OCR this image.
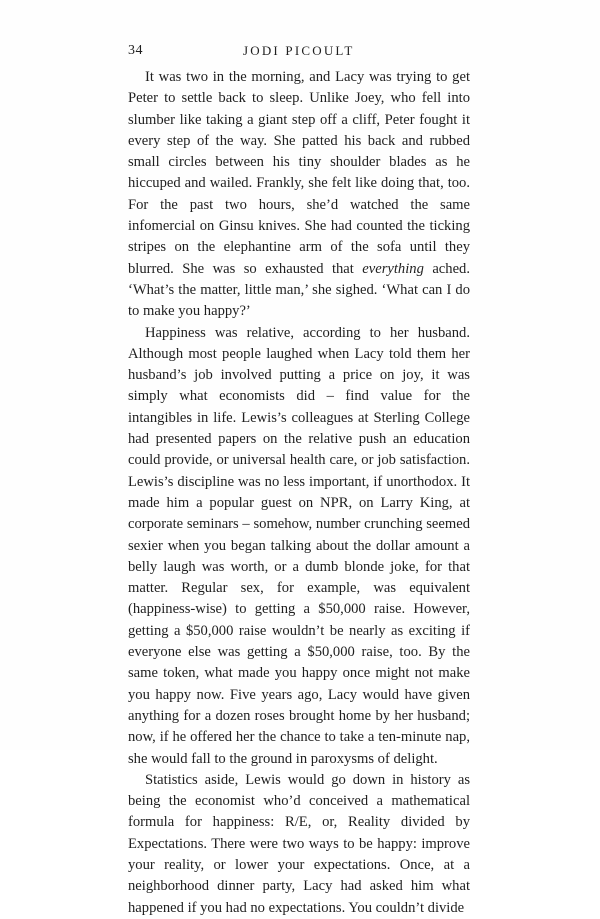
34	JODI PICOULT

It was two in the morning, and Lacy was trying to get Peter to settle back to sleep. Unlike Joey, who fell into slumber like taking a giant step off a cliff, Peter fought it every step of the way. She patted his back and rubbed small circles between his tiny shoulder blades as he hiccuped and wailed. Frankly, she felt like doing that, too. For the past two hours, she’d watched the same infomercial on Ginsu knives. She had counted the ticking stripes on the elephantine arm of the sofa until they blurred. She was so exhausted that everything ached. ‘What’s the matter, little man,’ she sighed. ‘What can I do to make you happy?’

Happiness was relative, according to her husband. Although most people laughed when Lacy told them her husband’s job involved putting a price on joy, it was simply what economists did – find value for the intangibles in life. Lewis’s colleagues at Sterling College had presented papers on the relative push an education could provide, or universal health care, or job satisfaction. Lewis’s discipline was no less important, if unorthodox. It made him a popular guest on NPR, on Larry King, at corporate seminars – somehow, number crunching seemed sexier when you began talking about the dollar amount a belly laugh was worth, or a dumb blonde joke, for that matter. Regular sex, for example, was equivalent (happiness-wise) to getting a $50,000 raise. However, getting a $50,000 raise wouldn’t be nearly as exciting if everyone else was getting a $50,000 raise, too. By the same token, what made you happy once might not make you happy now. Five years ago, Lacy would have given anything for a dozen roses brought home by her husband; now, if he offered her the chance to take a ten-minute nap, she would fall to the ground in paroxysms of delight.

Statistics aside, Lewis would go down in history as being the economist who’d conceived a mathematical formula for happiness: R/E, or, Reality divided by Expectations. There were two ways to be happy: improve your reality, or lower your expectations. Once, at a neighborhood dinner party, Lacy had asked him what happened if you had no expectations. You couldn’t divide
